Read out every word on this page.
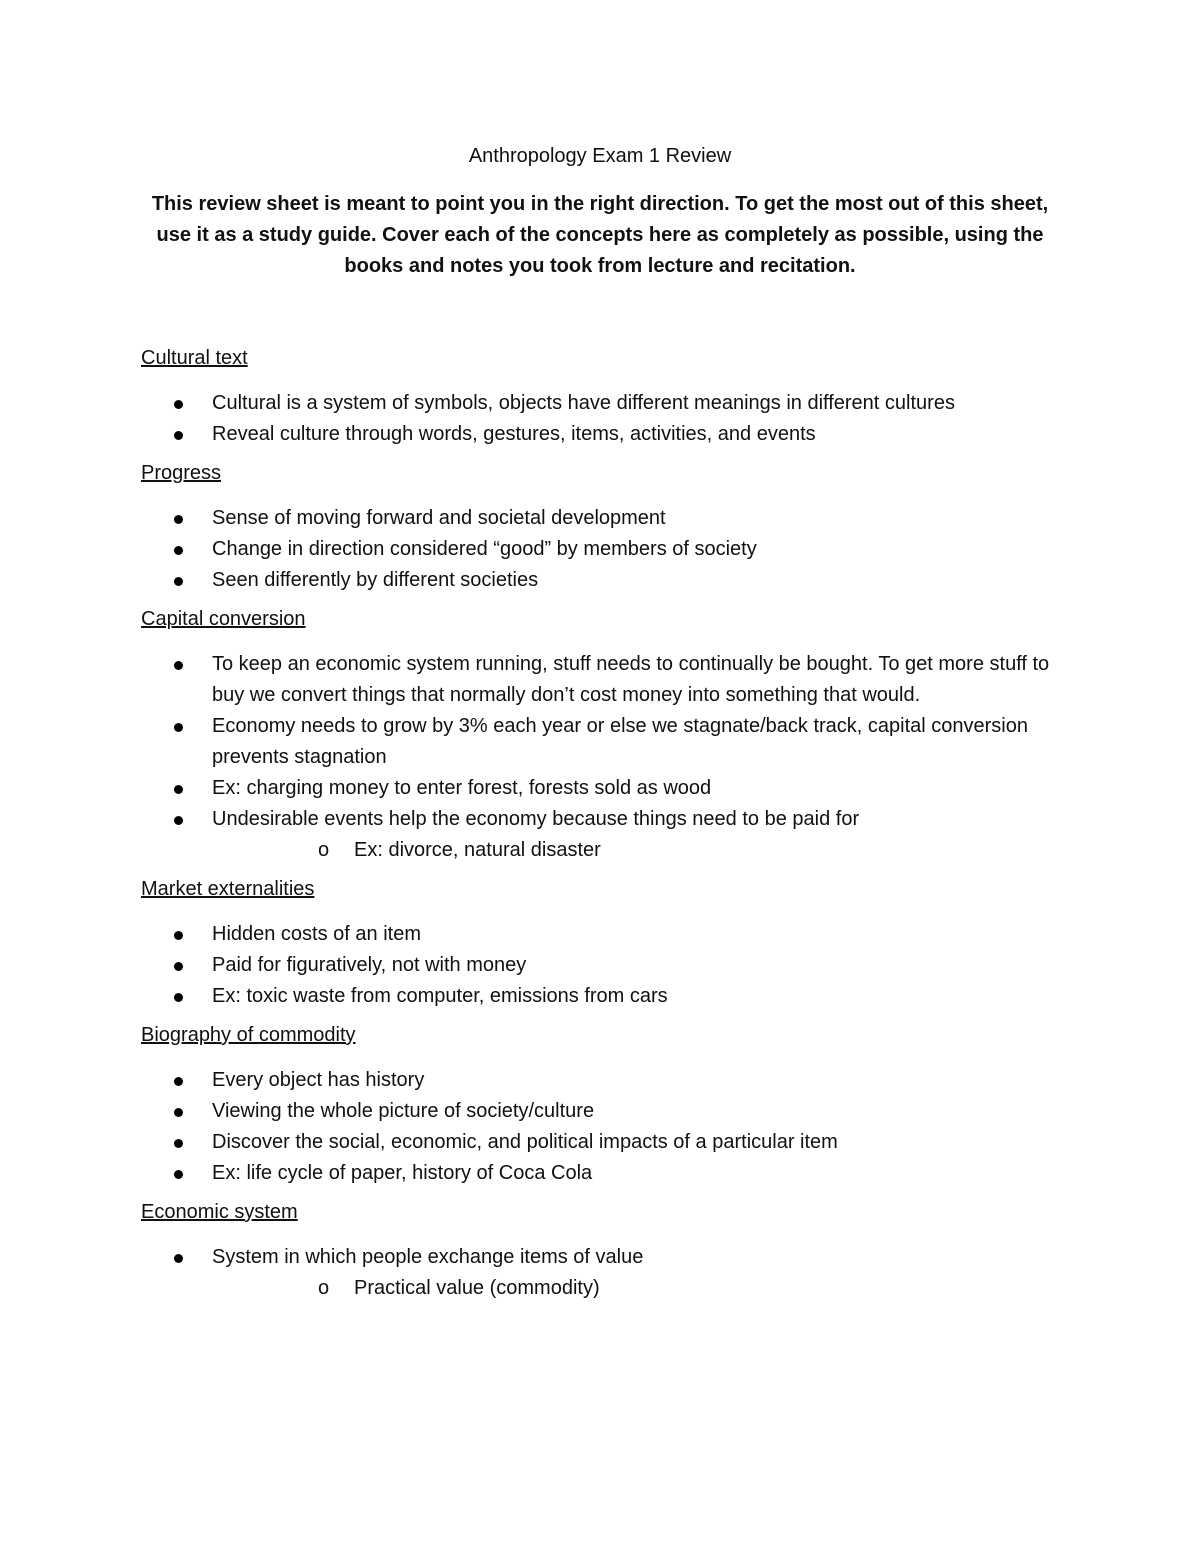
Anthropology Exam 1 Review

This review sheet is meant to point you in the right direction. To get the most out of this sheet, use it as a study guide. Cover each of the concepts here as completely as possible, using the books and notes you took from lecture and recitation.

Cultural text
Cultural is a system of symbols, objects have different meanings in different cultures
Reveal culture through words, gestures, items, activities, and events
Progress
Sense of moving forward and societal development
Change in direction considered “good” by members of society
Seen differently by different societies
Capital conversion
To keep an economic system running, stuff needs to continually be bought. To get more stuff to buy we convert things that normally don’t cost money into something that would.
Economy needs to grow by 3% each year or else we stagnate/back track, capital conversion prevents stagnation
Ex: charging money to enter forest, forests sold as wood
Undesirable events help the economy because things need to be paid for
o Ex: divorce, natural disaster
Market externalities
Hidden costs of an item
Paid for figuratively, not with money
Ex: toxic waste from computer, emissions from cars
Biography of commodity
Every object has history
Viewing the whole picture of society/culture
Discover the social, economic, and political impacts of a particular item
Ex: life cycle of paper, history of Coca Cola
Economic system
System in which people exchange items of value
o Practical value (commodity)
